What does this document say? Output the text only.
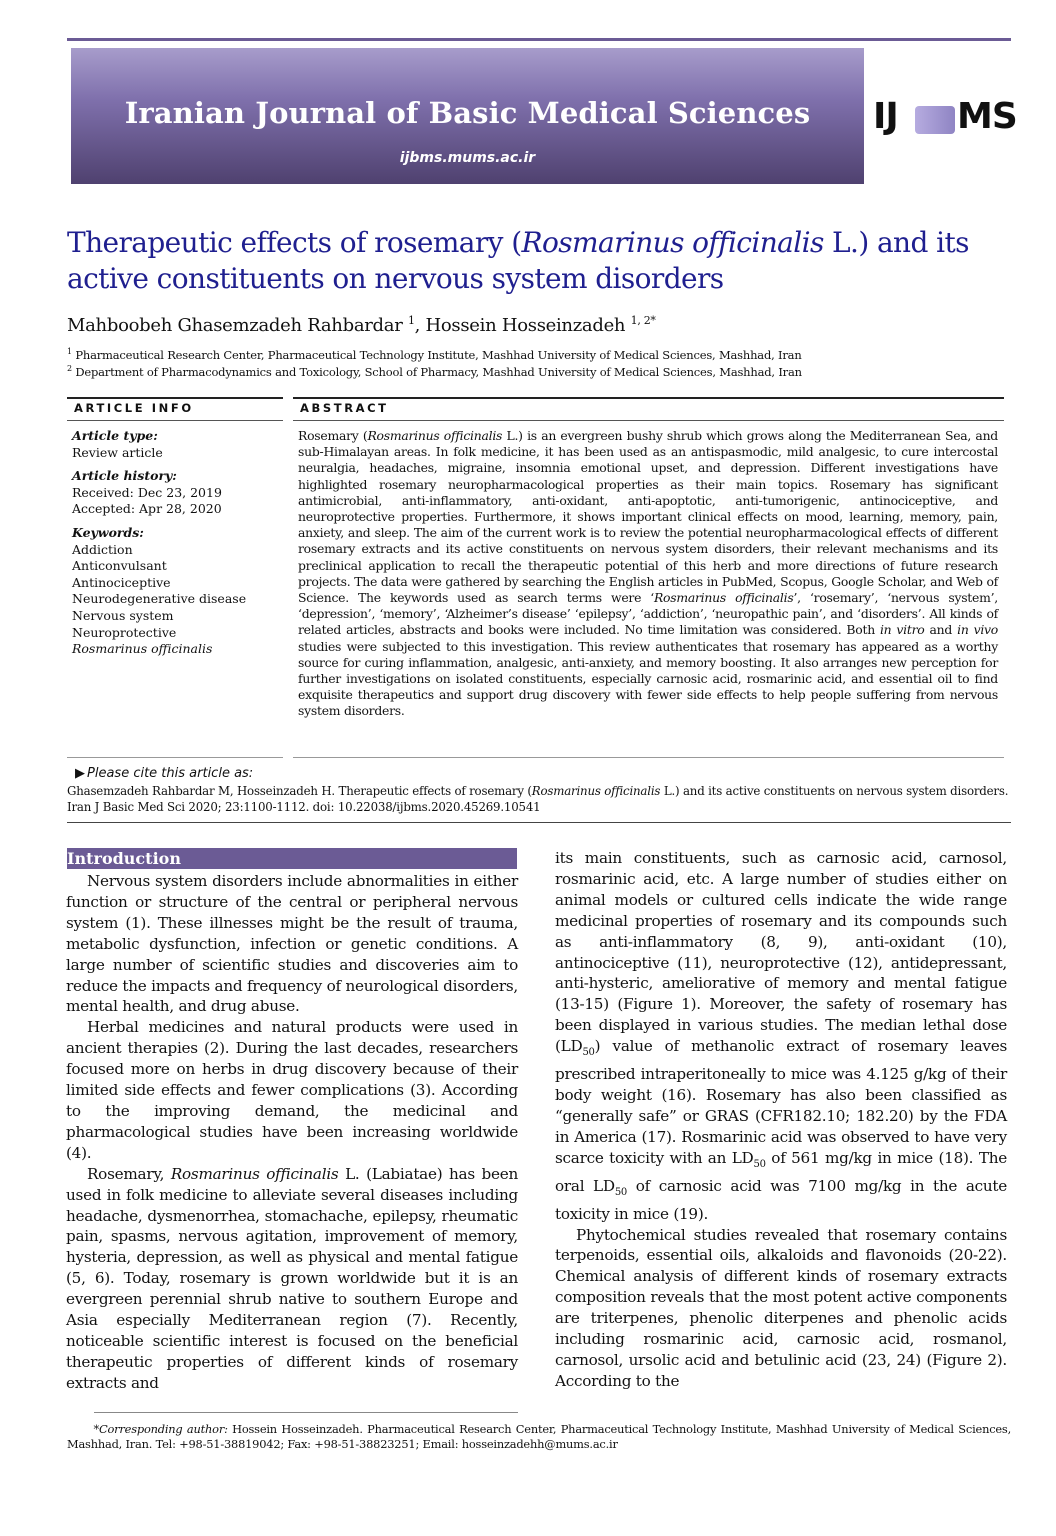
Iranian Journal of Basic Medical Sciences
ijbms.mums.ac.ir
IJ MS
Therapeutic effects of rosemary (Rosmarinus officinalis L.) and its active constituents on nervous system disorders
Mahboobeh Ghasemzadeh Rahbardar $^1$, Hossein Hosseinzadeh $^{1, 2*}$
$^1$ Pharmaceutical Research Center, Pharmaceutical Technology Institute, Mashhad University of Medical Sciences, Mashhad, Iran
$^2$ Department of Pharmacodynamics and Toxicology, School of Pharmacy, Mashhad University of Medical Sciences, Mashhad, Iran
ARTICLE INFO	ABSTRACT
Article type:
Review article
Article history:
Received: Dec 23, 2019
Accepted: Apr 28, 2020
Keywords:
Addiction
Anticonvulsant
Antinociceptive
Neurodegenerative disease
Nervous system
Neuroprotective
Rosmarinus officinalis
Rosemary (Rosmarinus officinalis L.) is an evergreen bushy shrub which grows along the Mediterranean Sea, and sub-Himalayan areas. In folk medicine, it has been used as an antispasmodic, mild analgesic, to cure intercostal neuralgia, headaches, migraine, insomnia emotional upset, and depression. Different investigations have highlighted rosemary neuropharmacological properties as their main topics. Rosemary has significant antimicrobial, anti-inflammatory, anti-oxidant, anti-apoptotic, anti-tumorigenic, antinociceptive, and neuroprotective properties. Furthermore, it shows important clinical effects on mood, learning, memory, pain, anxiety, and sleep. The aim of the current work is to review the potential neuropharmacological effects of different rosemary extracts and its active constituents on nervous system disorders, their relevant mechanisms and its preclinical application to recall the therapeutic potential of this herb and more directions of future research projects. The data were gathered by searching the English articles in PubMed, Scopus, Google Scholar, and Web of Science. The keywords used as search terms were ‘Rosmarinus officinalis’, ‘rosemary’, ‘nervous system’, ‘depression’, ‘memory’, ‘Alzheimer’s disease’ ‘epilepsy’, ‘addiction’, ‘neuropathic pain’, and ‘disorders’. All kinds of related articles, abstracts and books were included. No time limitation was considered. Both in vitro and in vivo studies were subjected to this investigation. This review authenticates that rosemary has appeared as a worthy source for curing inflammation, analgesic, anti-anxiety, and memory boosting. It also arranges new perception for further investigations on isolated constituents, especially carnosic acid, rosmarinic acid, and essential oil to find exquisite therapeutics and support drug discovery with fewer side effects to help people suffering from nervous system disorders.
▶ Please cite this article as:
Ghasemzadeh Rahbardar M, Hosseinzadeh H. Therapeutic effects of rosemary (Rosmarinus officinalis L.) and its active constituents on nervous system disorders. Iran J Basic Med Sci 2020; 23:1100-1112. doi: 10.22038/ijbms.2020.45269.10541
Introduction

Nervous system disorders include abnormalities in either function or structure of the central or peripheral nervous system (1). These illnesses might be the result of trauma, metabolic dysfunction, infection or genetic conditions. A large number of scientific studies and discoveries aim to reduce the impacts and frequency of neurological disorders, mental health, and drug abuse.

Herbal medicines and natural products were used in ancient therapies (2). During the last decades, researchers focused more on herbs in drug discovery because of their limited side effects and fewer complications (3). According to the improving demand, the medicinal and pharmacological studies have been increasing worldwide (4).

Rosemary, Rosmarinus officinalis L. (Labiatae) has been used in folk medicine to alleviate several diseases including headache, dysmenorrhea, stomachache, epilepsy, rheumatic pain, spasms, nervous agitation, improvement of memory, hysteria, depression, as well as physical and mental fatigue (5, 6). Today, rosemary is grown worldwide but it is an evergreen perennial shrub native to southern Europe and Asia especially Mediterranean region (7). Recently, noticeable scientific interest is focused on the beneficial therapeutic properties of different kinds of rosemary extracts and

its main constituents, such as carnosic acid, carnosol, rosmarinic acid, etc. A large number of studies either on animal models or cultured cells indicate the wide range medicinal properties of rosemary and its compounds such as anti-inflammatory (8, 9), anti-oxidant (10), antinociceptive (11), neuroprotective (12), antidepressant, anti-hysteric, ameliorative of memory and mental fatigue (13-15) (Figure 1). Moreover, the safety of rosemary has been displayed in various studies. The median lethal dose $(LD_{50})$ value of methanolic extract of rosemary leaves prescribed intraperitoneally to mice was 4.125 g/kg of their body weight (16). Rosemary has also been classified as “generally safe” or GRAS (CFR182.10; 182.20) by the FDA in America (17). Rosmarinic acid was observed to have very scarce toxicity with an $LD_{50}$ of 561 mg/kg in mice (18). The oral $LD_{50}$ of carnosic acid was 7100 mg/kg in the acute toxicity in mice (19).

Phytochemical studies revealed that rosemary contains terpenoids, essential oils, alkaloids and flavonoids (20-22). Chemical analysis of different kinds of rosemary extracts composition reveals that the most potent active components are triterpenes, phenolic diterpenes and phenolic acids including rosmarinic acid, carnosic acid, rosmanol, carnosol, ursolic acid and betulinic acid (23, 24) (Figure 2). According to the

*Corresponding author: Hossein Hosseinzadeh. Pharmaceutical Research Center, Pharmaceutical Technology Institute, Mashhad University of Medical Sciences, Mashhad, Iran. Tel: +98-51-38819042; Fax: +98-51-38823251; Email: hosseinzadehh@mums.ac.ir
